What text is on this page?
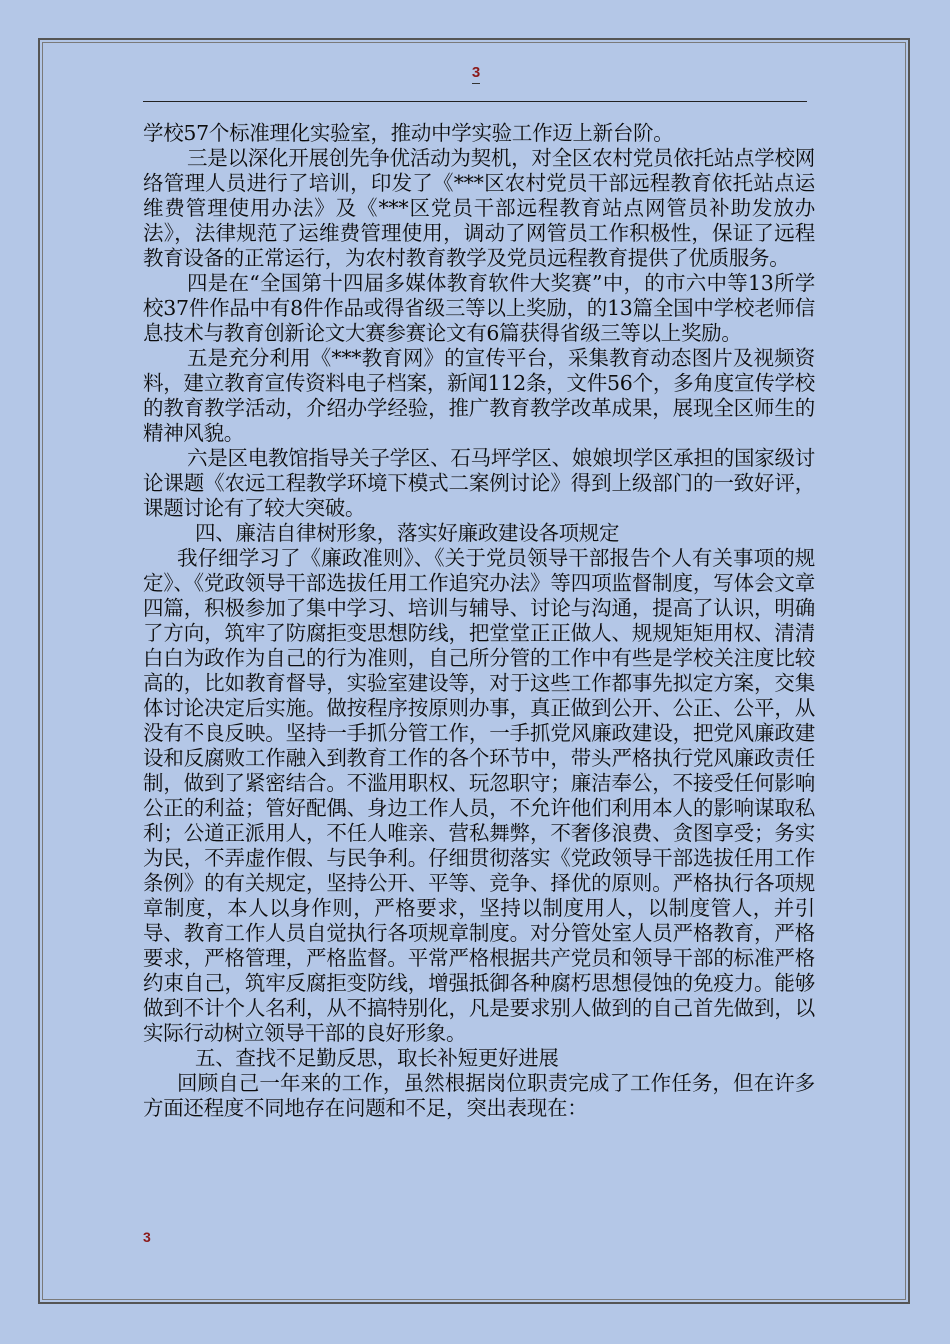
3

学校57个标准理化实验室，推动中学实验工作迈上新台阶。

三是以深化开展创先争优活动为契机，对全区农村党员依托站点学校网络管理人员进行了培训，印发了《***区农村党员干部远程教育依托站点运维费管理使用办法》及《***区党员干部远程教育站点网管员补助发放办法》，法律规范了运维费管理使用，调动了网管员工作积极性，保证了远程教育设备的正常运行，为农村教育教学及党员远程教育提供了优质服务。

四是在“全国第十四届多媒体教育软件大奖赛”中，的市六中等13所学校37件作品中有8件作品或得省级三等以上奖励，的13篇全国中学校老师信息技术与教育创新论文大赛参赛论文有6篇获得省级三等以上奖励。

五是充分利用《***教育网》的宣传平台，采集教育动态图片及视频资料，建立教育宣传资料电子档案，新闻112条，文件56个，多角度宣传学校的教育教学活动，介绍办学经验，推广教育教学改革成果，展现全区师生的精神风貌。

六是区电教馆指导关子学区、石马坪学区、娘娘坝学区承担的国家级讨论课题《农远工程教学环境下模式二案例讨论》得到上级部门的一致好评，课题讨论有了较大突破。

四、廉洁自律树形象，落实好廉政建设各项规定

我仔细学习了《廉政准则》、《关于党员领导干部报告个人有关事项的规定》、《党政领导干部选拔任用工作追究办法》等四项监督制度，写体会文章四篇，积极参加了集中学习、培训与辅导、讨论与沟通，提高了认识，明确了方向，筑牢了防腐拒变思想防线，把堂堂正正做人、规规矩矩用权、清清白白为政作为自己的行为准则，自己所分管的工作中有些是学校关注度比较高的，比如教育督导，实验室建设等，对于这些工作都事先拟定方案，交集体讨论决定后实施。做按程序按原则办事，真正做到公开、公正、公平，从没有不良反映。坚持一手抓分管工作，一手抓党风廉政建设，把党风廉政建设和反腐败工作融入到教育工作的各个环节中，带头严格执行党风廉政责任制，做到了紧密结合。不滥用职权、玩忽职守；廉洁奉公，不接受任何影响公正的利益；管好配偶、身边工作人员，不允许他们利用本人的影响谋取私利；公道正派用人，不任人唯亲、营私舞弊，不奢侈浪费、贪图享受；务实为民，不弄虚作假、与民争利。仔细贯彻落实《党政领导干部选拔任用工作条例》的有关规定，坚持公开、平等、竞争、择优的原则。严格执行各项规章制度，本人以身作则，严格要求，坚持以制度用人，以制度管人，并引导、教育工作人员自觉执行各项规章制度。对分管处室人员严格教育，严格要求，严格管理，严格监督。平常严格根据共产党员和领导干部的标准严格约束自己，筑牢反腐拒变防线，增强抵御各种腐朽思想侵蚀的免疫力。能够做到不计个人名利，从不搞特别化，凡是要求别人做到的自己首先做到，以实际行动树立领导干部的良好形象。

五、查找不足勤反思，取长补短更好进展

回顾自己一年来的工作，虽然根据岗位职责完成了工作任务，但在许多方面还程度不同地存在问题和不足，突出表现在：

3
